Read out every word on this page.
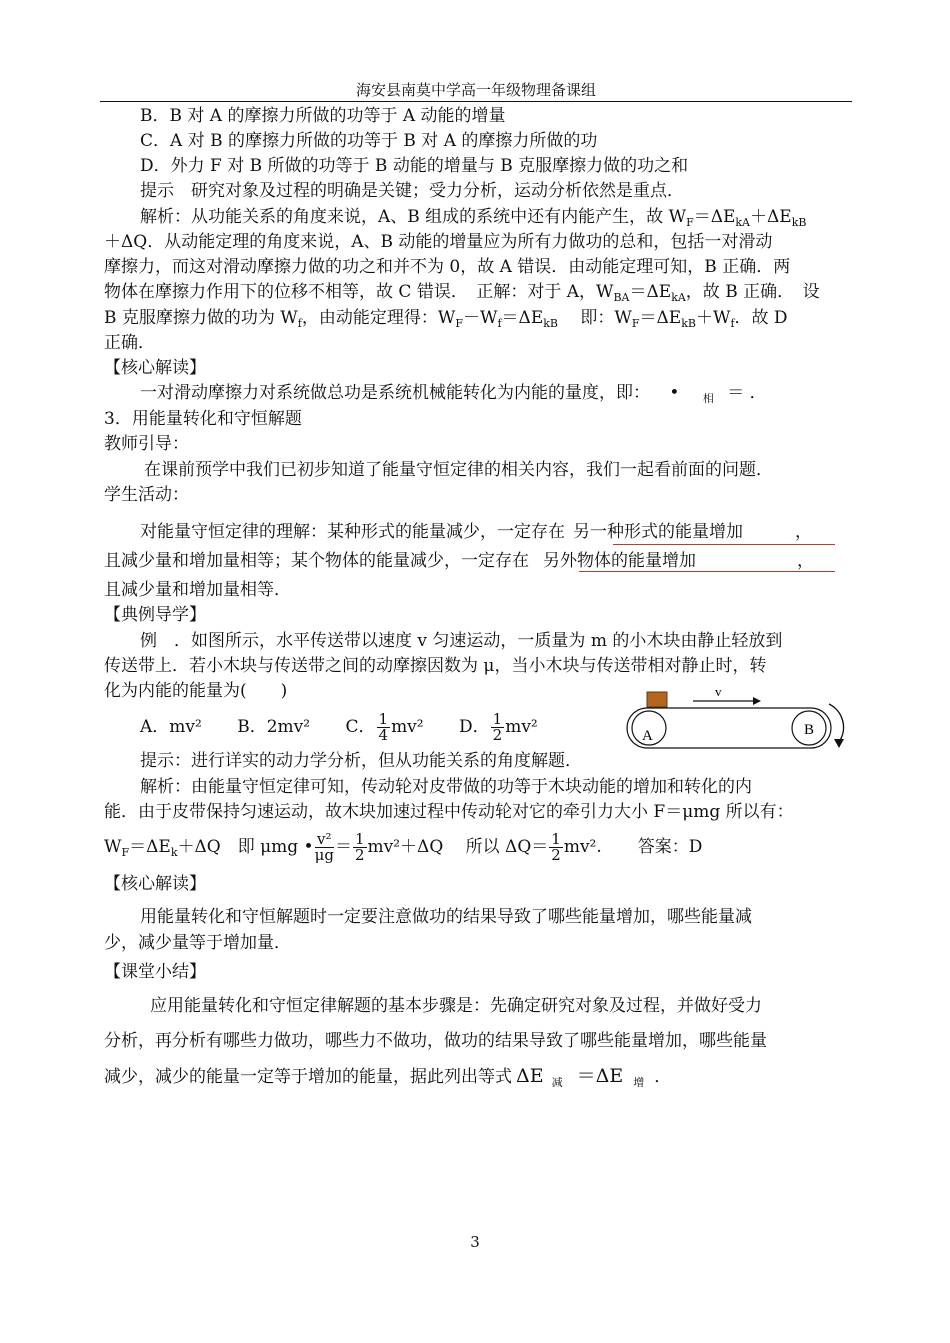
海安县南莫中学高一年级物理备课组
B．B 对 A 的摩擦力所做的功等于 A 动能的增量
C．A 对 B 的摩擦力所做的功等于 B 对 A 的摩擦力所做的功
D．外力 F 对 B 所做的功等于 B 动能的增量与 B 克服摩擦力做的功之和
提示　研究对象及过程的明确是关键；受力分析，运动分析依然是重点．
解析：从功能关系的角度来说，A、B 组成的系统中还有内能产生，故 $W_F=\Delta E_{kA}+\Delta E_{kB}$
＋ΔQ．从动能定理的角度来说，A、B 动能的增量应为所有力做功的总和，包括一对滑动
摩擦力，而这对滑动摩擦力做的功之和并不为 0，故 A 错误．由动能定理可知，B 正确．两
物体在摩擦力作用下的位移不相等，故 C 错误．　正解：对于 A，$W_{BA}=\Delta E_{kA}$，故 B 正确．　设
B 克服摩擦力做的功为 $W_f$，由动能定理得：$W_F-W_f=\Delta E_{kB}$　 即：$W_F=\Delta E_{kB}+W_f$．故 D
正确．
【核心解读】
一对滑动摩擦力对系统做总功是系统机械能转化为内能的量度，即： • $_相$ ＝ ．
3．用能量转化和守恒解题
教师引导：
在课前预学中我们已初步知道了能量守恒定律的相关内容，我们一起看前面的问题．
学生活动：
对能量守恒定律的理解：某种形式的能量减少，一定存在 另一种形式的能量增加	，
且减少量和增加量相等；某个物体的能量减少，一定存在 另外物体的能量增加	，
且减少量和增加量相等．
【典例导学】
例　．如图所示，水平传送带以速度 v 匀速运动，一质量为 m 的小木块由静止轻放到
传送带上．若小木块与传送带之间的动摩擦因数为 μ，当小木块与传送带相对静止时，转
化为内能的能量为(　　)
A．mv² B．2mv² C． $\frac{1}{4} mv^2$ D． $\frac{1}{2} mv^2$
v
A	B
提示：进行详实的动力学分析，但从功能关系的角度解题．
解析：由能量守恒定律可知，传动轮对皮带做的功等于木块动能的增加和转化的内
能．由于皮带保持匀速运动，故木块加速过程中传动轮对它的牵引力大小 F＝μmg 所以有：
$W_F=\Delta E_k+\Delta Q$　即 μmg • $\frac{\text{v²}}{\mu g} = \frac{1}{2} mv^2+\Delta Q$　 所以 $\Delta Q= \frac{1}{2} mv^2$. 答案：D
【核心解读】
用能量转化和守恒解题时一定要注意做功的结果导致了哪些能量增加，哪些能量减
少，减少量等于增加量．
【课堂小结】
应用能量转化和守恒定律解题的基本步骤是：先确定研究对象及过程，并做好受力
分析，再分析有哪些力做功，哪些力不做功，做功的结果导致了哪些能量增加，哪些能量
减少，减少的能量一定等于增加的能量，据此列出等式 ΔE $_减$ ＝ΔE $_增$ ．
3
